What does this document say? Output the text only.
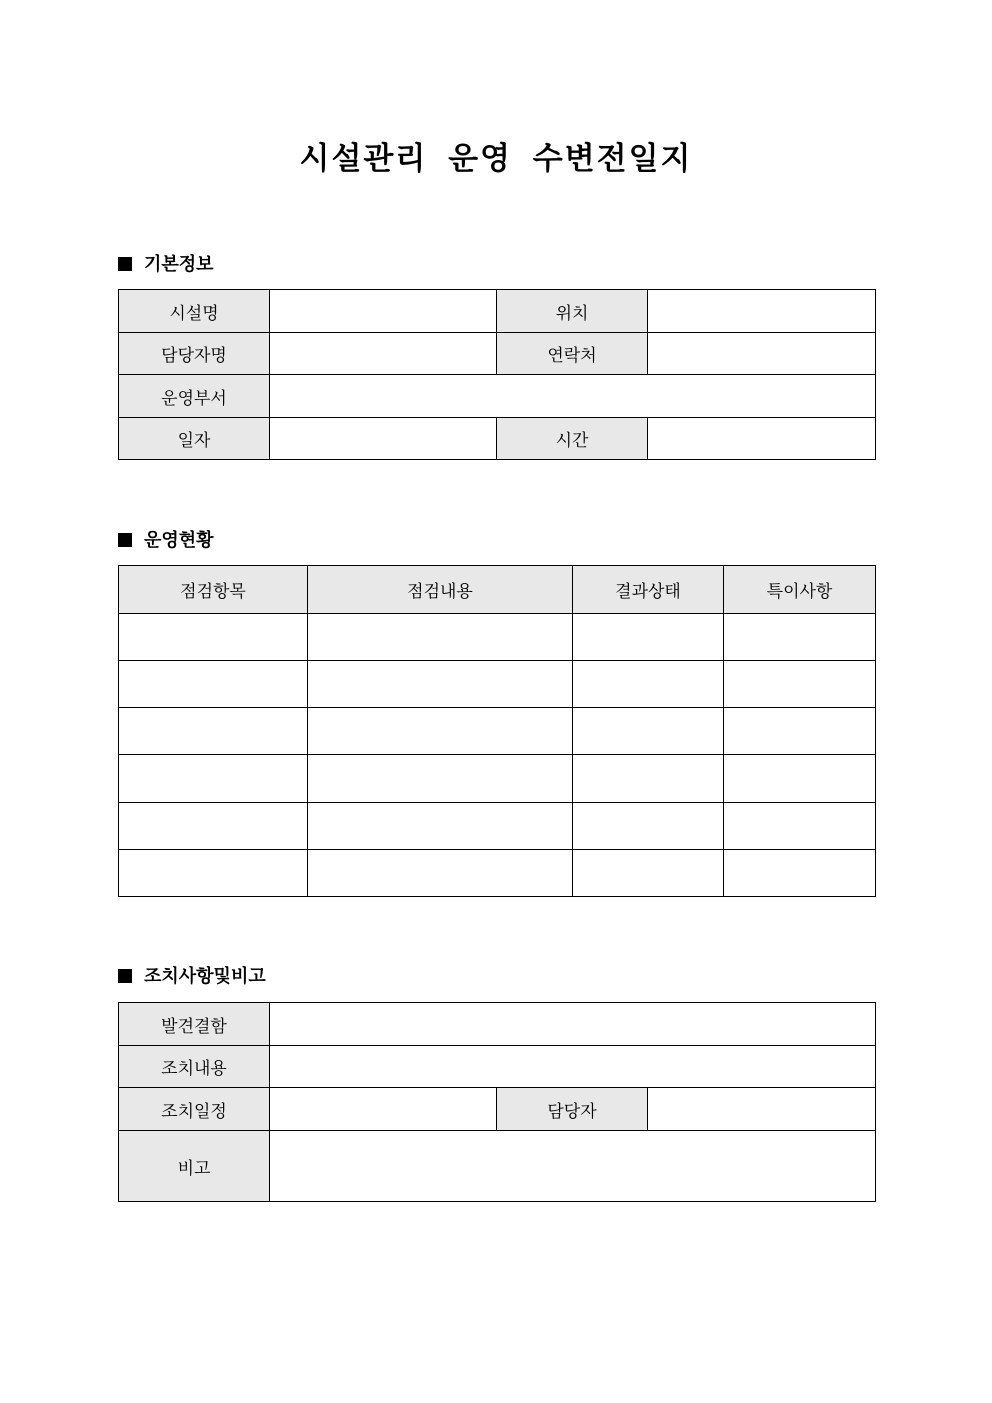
시설관리 운영 수변전일지
기본정보
시설명		위치	
담당자명		연락처	
운영부서			
일자		시간	
운영현황
점검항목	점검내용	결과상태	특이사항

조치사항및비고
발견결함			
조치내용			
조치일정		담당자	
비고			
